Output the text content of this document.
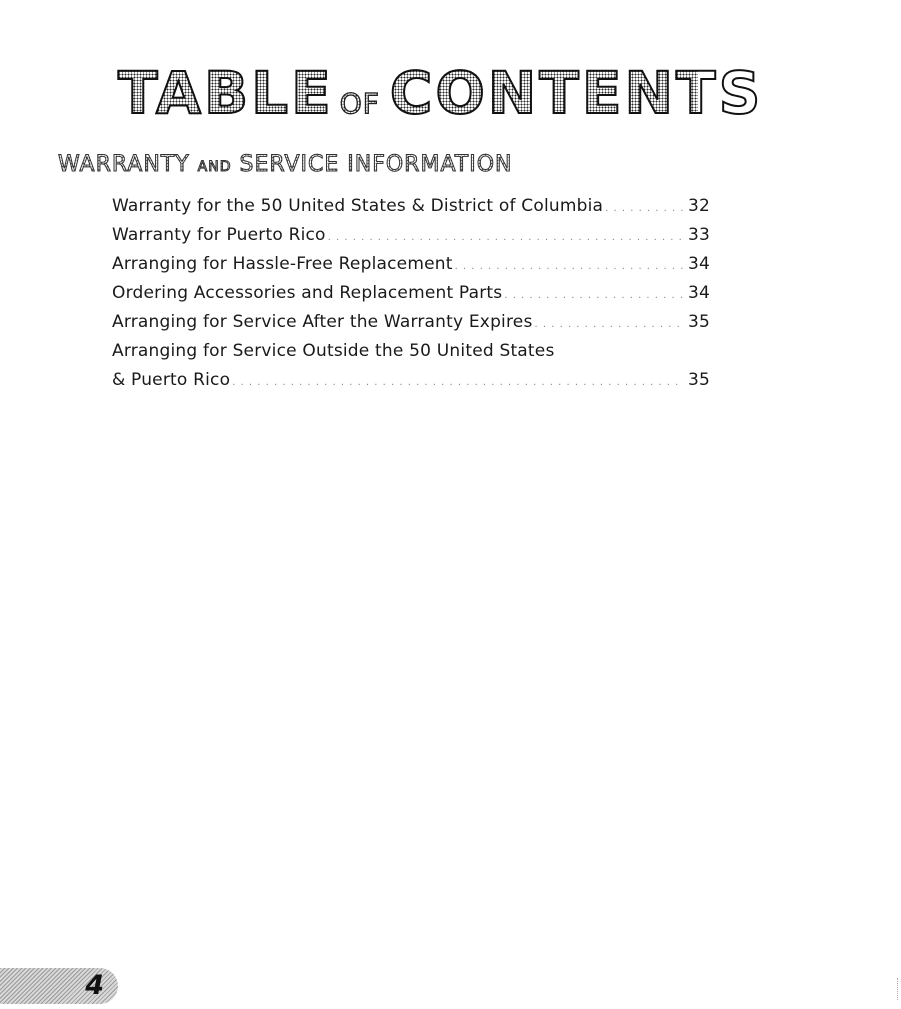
TABLE OF CONTENTS
WARRANTY AND SERVICE INFORMATION
Warranty for the 50 United States & District of Columbia . . .	32
Warranty for Puerto Rico . . .	33
Arranging for Hassle-Free Replacement . . .	34
Ordering Accessories and Replacement Parts . . .	34
Arranging for Service After the Warranty Expires . . .	35
Arranging for Service Outside the 50 United States
& Puerto Rico . . .	35
4
